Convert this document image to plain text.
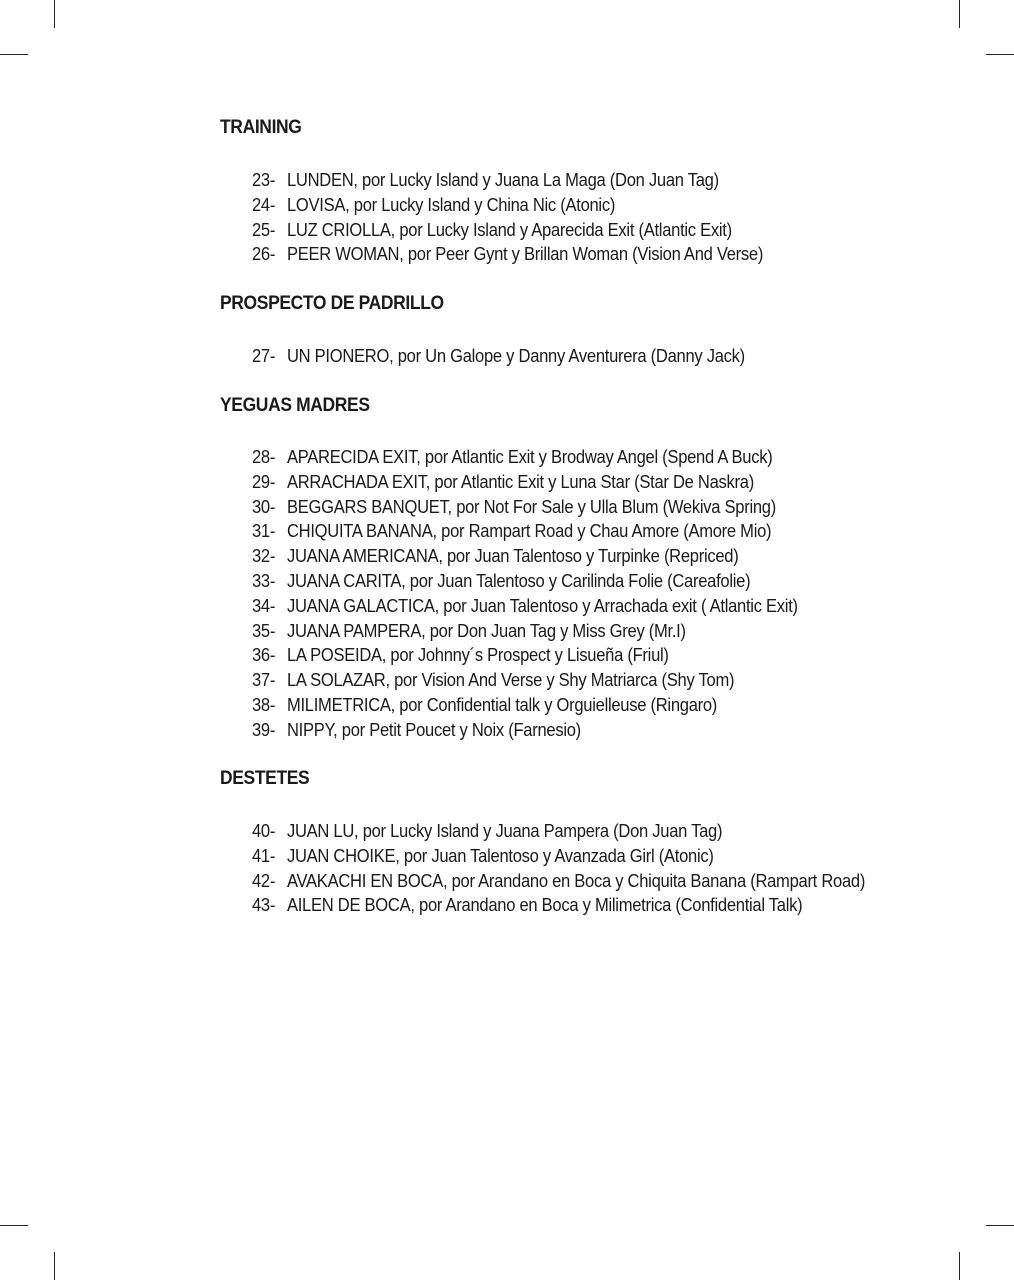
TRAINING
23- LUNDEN, por Lucky Island y Juana La Maga (Don Juan Tag)
24- LOVISA, por Lucky Island y China Nic (Atonic)
25- LUZ CRIOLLA, por Lucky Island y Aparecida Exit (Atlantic Exit)
26- PEER WOMAN, por Peer Gynt y Brillan Woman (Vision And Verse)
PROSPECTO DE PADRILLO
27- UN PIONERO, por Un Galope y Danny Aventurera (Danny Jack)
YEGUAS MADRES
28- APARECIDA EXIT, por Atlantic Exit y Brodway Angel (Spend A Buck)
29- ARRACHADA EXIT, por Atlantic Exit y Luna Star (Star De Naskra)
30- BEGGARS BANQUET, por Not For Sale y Ulla Blum (Wekiva Spring)
31- CHIQUITA BANANA, por Rampart Road y Chau Amore (Amore Mio)
32- JUANA AMERICANA, por Juan Talentoso y Turpinke (Repriced)
33- JUANA CARITA, por Juan Talentoso y Carilinda Folie (Careafolie)
34- JUANA GALACTICA, por Juan Talentoso y Arrachada exit ( Atlantic Exit)
35- JUANA PAMPERA, por Don Juan Tag y Miss Grey (Mr.I)
36- LA POSEIDA, por Johnny´s Prospect y Lisueña (Friul)
37- LA SOLAZAR, por Vision And Verse y Shy Matriarca (Shy Tom)
38- MILIMETRICA, por Confidential talk y Orguielleuse (Ringaro)
39- NIPPY, por Petit Poucet y Noix (Farnesio)
DESTETES
40- JUAN LU, por Lucky Island y Juana Pampera (Don Juan Tag)
41- JUAN CHOIKE, por Juan Talentoso y Avanzada Girl (Atonic)
42- AVAKACHI EN BOCA, por Arandano en Boca y Chiquita Banana (Rampart Road)
43- AILEN DE BOCA, por Arandano en Boca y Milimetrica (Confidential Talk)
